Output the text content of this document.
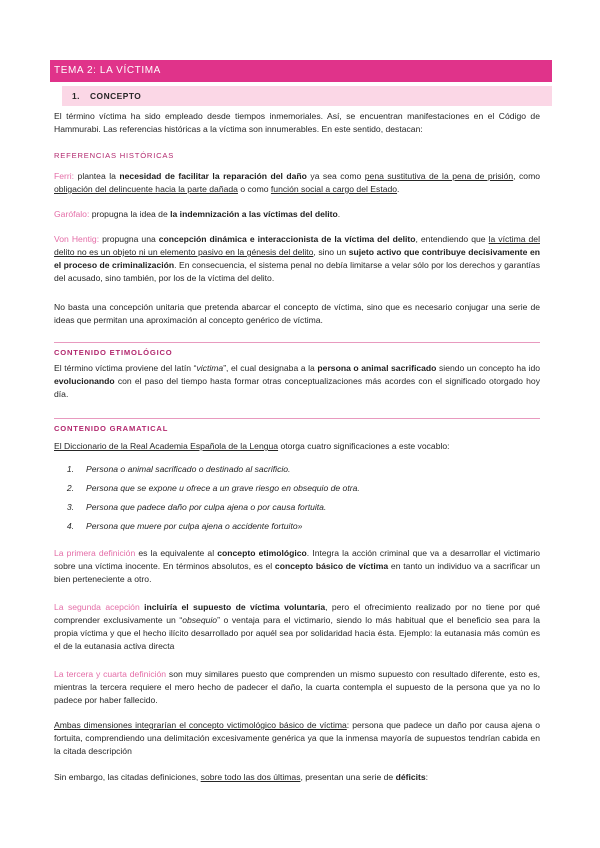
TEMA 2: LA VÍCTIMA
1. CONCEPTO

El término víctima ha sido empleado desde tiempos inmemoriales. Así, se encuentran manifestaciones en el Código de Hammurabi. Las referencias históricas a la víctima son innumerables. En este sentido, destacan:

REFERENCIAS HISTÓRICAS

Ferri: plantea la necesidad de facilitar la reparación del daño ya sea como pena sustitutiva de la pena de prisión, como obligación del delincuente hacia la parte dañada o como función social a cargo del Estado.

Garófalo: propugna la idea de la indemnización a las víctimas del delito.

Von Hentig: propugna una concepción dinámica e interaccionista de la víctima del delito, entendiendo que la víctima del delito no es un objeto ni un elemento pasivo en la génesis del delito, sino un sujeto activo que contribuye decisivamente en el proceso de criminalización. En consecuencia, el sistema penal no debía limitarse a velar sólo por los derechos y garantías del acusado, sino también, por los de la víctima del delito.

No basta una concepción unitaria que pretenda abarcar el concepto de víctima, sino que es necesario conjugar una serie de ideas que permitan una aproximación al concepto genérico de víctima.

CONTENIDO ETIMOLÓGICO

El término víctima proviene del latín “victima”, el cual designaba a la persona o animal sacrificado siendo un concepto ha ido evolucionando con el paso del tiempo hasta formar otras conceptualizaciones más acordes con el significado otorgado hoy día.

CONTENIDO GRAMATICAL

El Diccionario de la Real Academia Española de la Lengua otorga cuatro significaciones a este vocablo:

1. Persona o animal sacrificado o destinado al sacrificio.
2. Persona que se expone u ofrece a un grave riesgo en obsequio de otra.
3. Persona que padece daño por culpa ajena o por causa fortuita.
4. Persona que muere por culpa ajena o accidente fortuito»

La primera definición es la equivalente al concepto etimológico. Integra la acción criminal que va a desarrollar el victimario sobre una víctima inocente. En términos absolutos, es el concepto básico de víctima en tanto un individuo va a sacrificar un bien perteneciente a otro.

La segunda acepción incluiría el supuesto de víctima voluntaria, pero el ofrecimiento realizado por no tiene por qué comprender exclusivamente un “obsequio” o ventaja para el victimario, siendo lo más habitual que el beneficio sea para la propia víctima y que el hecho ilícito desarrollado por aquél sea por solidaridad hacia ésta. Ejemplo: la eutanasia más común es el de la eutanasia activa directa

La tercera y cuarta definición son muy similares puesto que comprenden un mismo supuesto con resultado diferente, esto es, mientras la tercera requiere el mero hecho de padecer el daño, la cuarta contempla el supuesto de la persona que ya no lo padece por haber fallecido.

Ambas dimensiones integrarían el concepto victimológico básico de víctima: persona que padece un daño por causa ajena o fortuita, comprendiendo una delimitación excesivamente genérica ya que la inmensa mayoría de supuestos tendrían cabida en la citada descripción

Sin embargo, las citadas definiciones, sobre todo las dos últimas, presentan una serie de déficits:
